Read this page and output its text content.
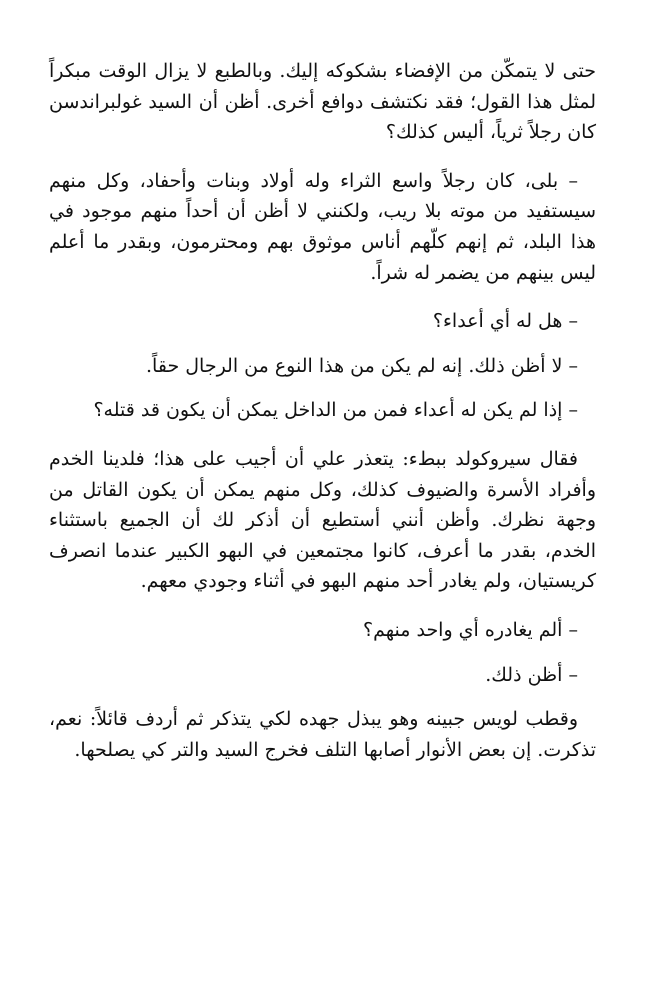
حتى لا يتمكّن من الإفضاء بشكوكه إليك. وبالطبع لا يزال الوقت مبكراً لمثل هذا القول؛ فقد نكتشف دوافع أخرى. أظن أن السيد غولبراندسن كان رجلاً ثرياً، أليس كذلك؟

– بلى، كان رجلاً واسع الثراء وله أولاد وبنات وأحفاد، وكل منهم سيستفيد من موته بلا ريب، ولكنني لا أظن أن أحداً منهم موجود في هذا البلد، ثم إنهم كلّهم أناس موثوق بهم ومحترمون، وبقدر ما أعلم ليس بينهم من يضمر له شراً.

– هل له أي أعداء؟

– لا أظن ذلك. إنه لم يكن من هذا النوع من الرجال حقاً.

– إذا لم يكن له أعداء فمن من الداخل يمكن أن يكون قد قتله؟

فقال سيروكولد ببطء: يتعذر علي أن أجيب على هذا؛ فلدينا الخدم وأفراد الأسرة والضيوف كذلك، وكل منهم يمكن أن يكون القاتل من وجهة نظرك. وأظن أنني أستطيع أن أذكر لك أن الجميع باستثناء الخدم، بقدر ما أعرف، كانوا مجتمعين في البهو الكبير عندما انصرف كريستيان، ولم يغادر أحد منهم البهو في أثناء وجودي معهم.

– ألم يغادره أي واحد منهم؟

– أظن ذلك.

وقطب لويس جبينه وهو يبذل جهده لكي يتذكر ثم أردف قائلاً: نعم، تذكرت. إن بعض الأنوار أصابها التلف فخرج السيد والتر كي يصلحها.
